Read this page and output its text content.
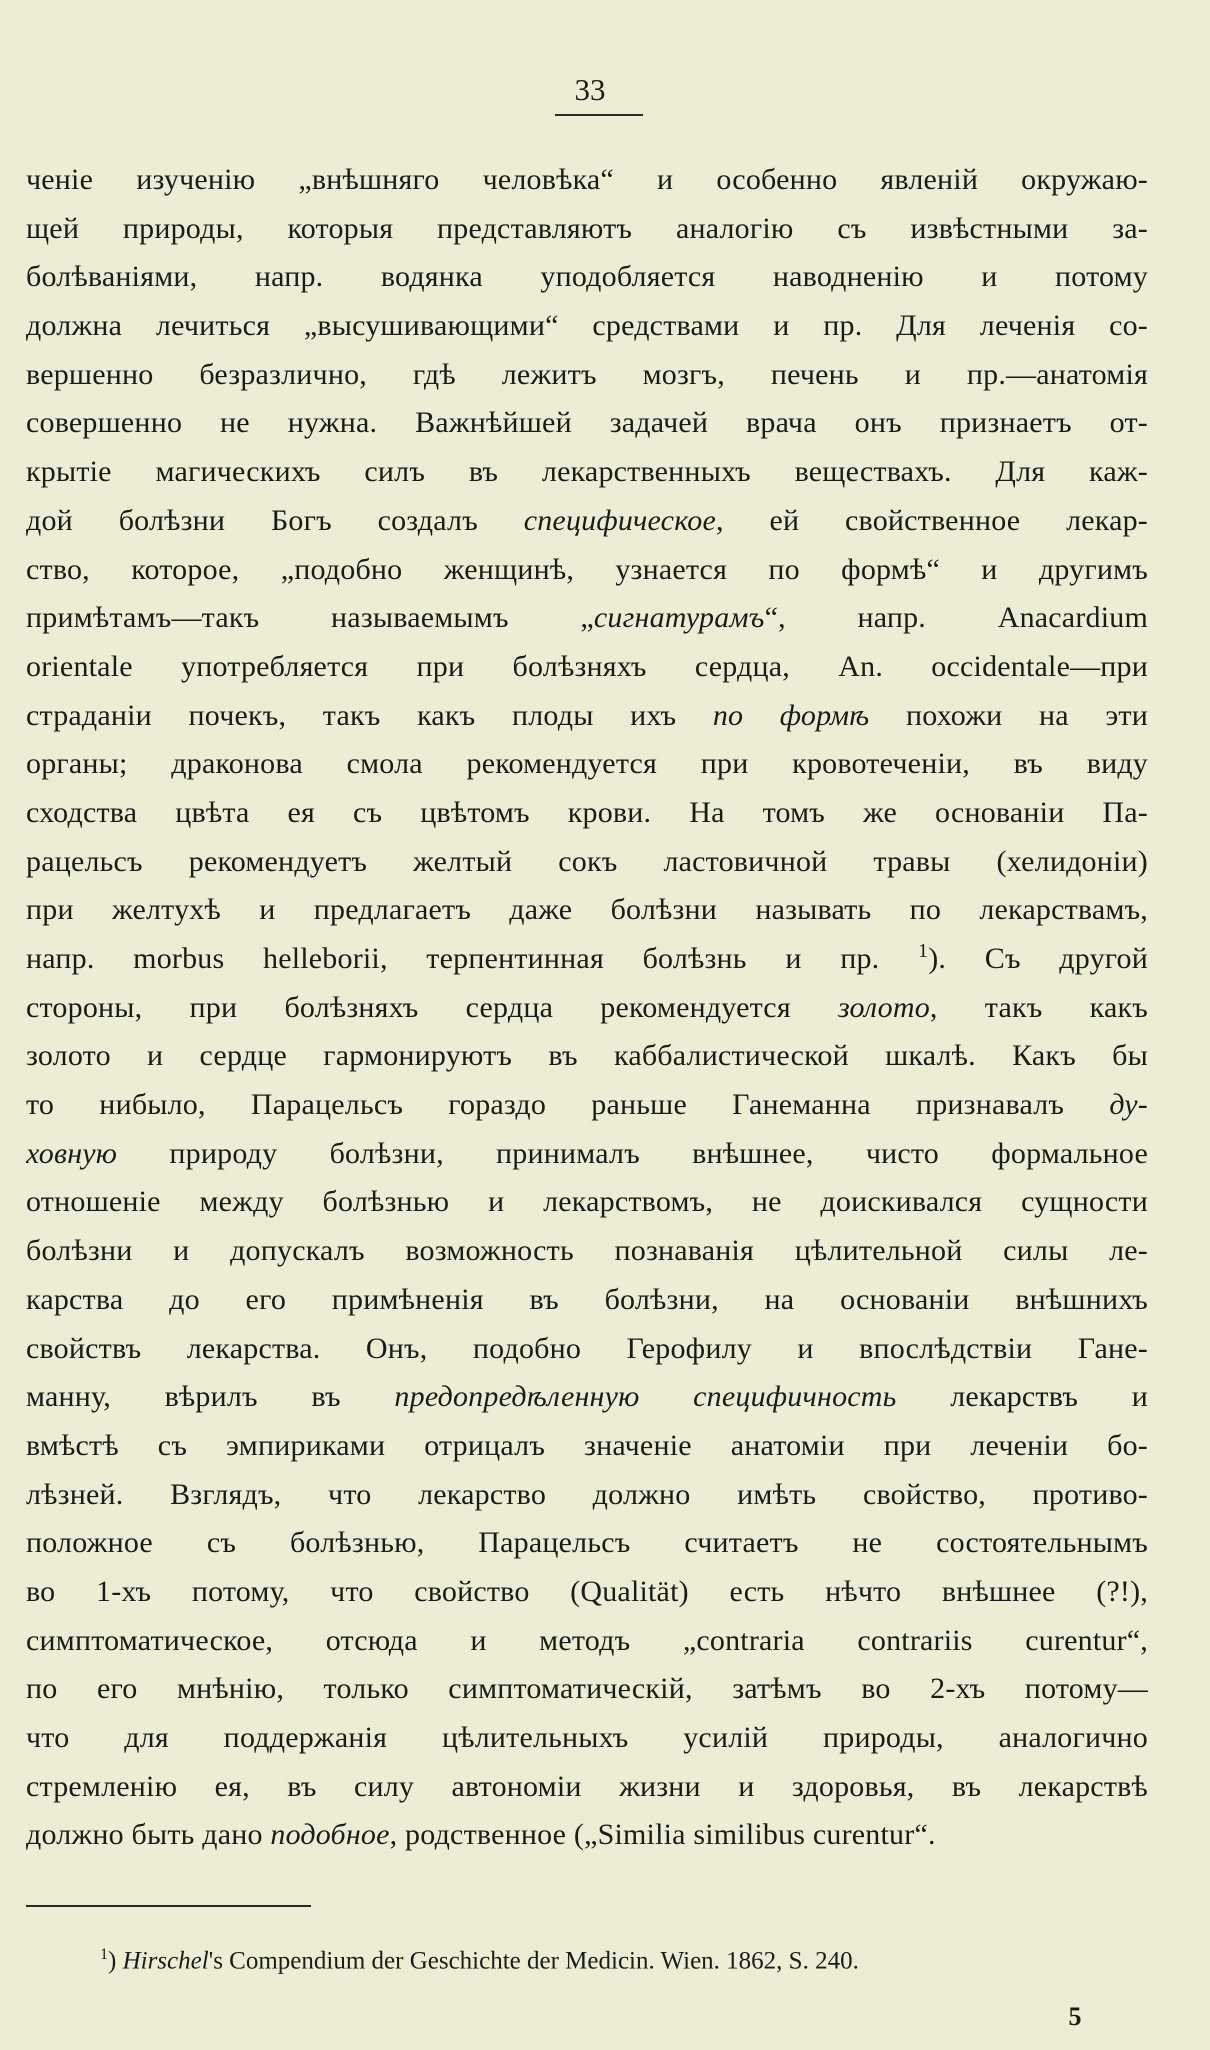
33
ченіе изученію „внѣшняго человѣка“ и особенно явленій окружаю-
щей природы, которыя представляютъ аналогію съ извѣстными за-
болѣваніями, напр. водянка уподобляется наводненію и потому
должна лечиться „высушивающими“ средствами и пр. Для леченія со-
вершенно безразлично, гдѣ лежитъ мозгъ, печень и пр.—анатомія
совершенно не нужна. Важнѣйшей задачей врача онъ признаетъ от-
крытіе магическихъ силъ въ лекарственныхъ веществахъ. Для каж-
дой болѣзни Богъ создалъ специфическое, ей свойственное лекар-
ство, которое, „подобно женщинѣ, узнается по формѣ“ и другимъ
примѣтамъ—такъ называемымъ „сигнатурамъ“, напр. Anacardium
orientale употребляется при болѣзняхъ сердца, An. occidentale—при
страданіи почекъ, такъ какъ плоды ихъ по формѣ похожи на эти
органы; драконова смола рекомендуется при кровотеченіи, въ виду
сходства цвѣта ея съ цвѣтомъ крови. На томъ же основаніи Па-
рацельсъ рекомендуетъ желтый сокъ ластовичной травы (хелидоніи)
при желтухѣ и предлагаетъ даже болѣзни называть по лекарствамъ,
напр. morbus helleborii, терпентинная болѣзнь и пр. $^1$). Съ другой
стороны, при болѣзняхъ сердца рекомендуется золото, такъ какъ
золото и сердце гармонируютъ въ каббалистической шкалѣ. Какъ бы
то нибыло, Парацельсъ гораздо раньше Ганеманна признавалъ ду-
ховную природу болѣзни, принималъ внѣшнее, чисто формальное
отношеніе между болѣзнью и лекарствомъ, не доискивался сущности
болѣзни и допускалъ возможность познаванія цѣлительной силы ле-
карства до его примѣненія въ болѣзни, на основаніи внѣшнихъ
свойствъ лекарства. Онъ, подобно Герофилу и впослѣдствіи Гане-
манну, вѣрилъ въ предопредѣленную специфичность лекарствъ и
вмѣстѣ съ эмпириками отрицалъ значеніе анатоміи при леченіи бо-
лѣзней. Взглядъ, что лекарство должно имѣть свойство, противо-
положное съ болѣзнью, Парацельсъ считаетъ не состоятельнымъ
во 1-хъ потому, что свойство (Qualität) есть нѣчто внѣшнее (?!),
симптоматическое, отсюда и методъ „contraria contrariis curentur“,
по его мнѣнію, только симптоматическій, затѣмъ во 2-хъ потому—
что для поддержанія цѣлительныхъ усилій природы, аналогично
стремленію ея, въ силу автономіи жизни и здоровья, въ лекарствѣ
должно быть дано подобное, родственное („Similia similibus curentur“.
$^1$) Hirschel's Compendium der Geschichte der Medicin. Wien. 1862, S. 240.
5
